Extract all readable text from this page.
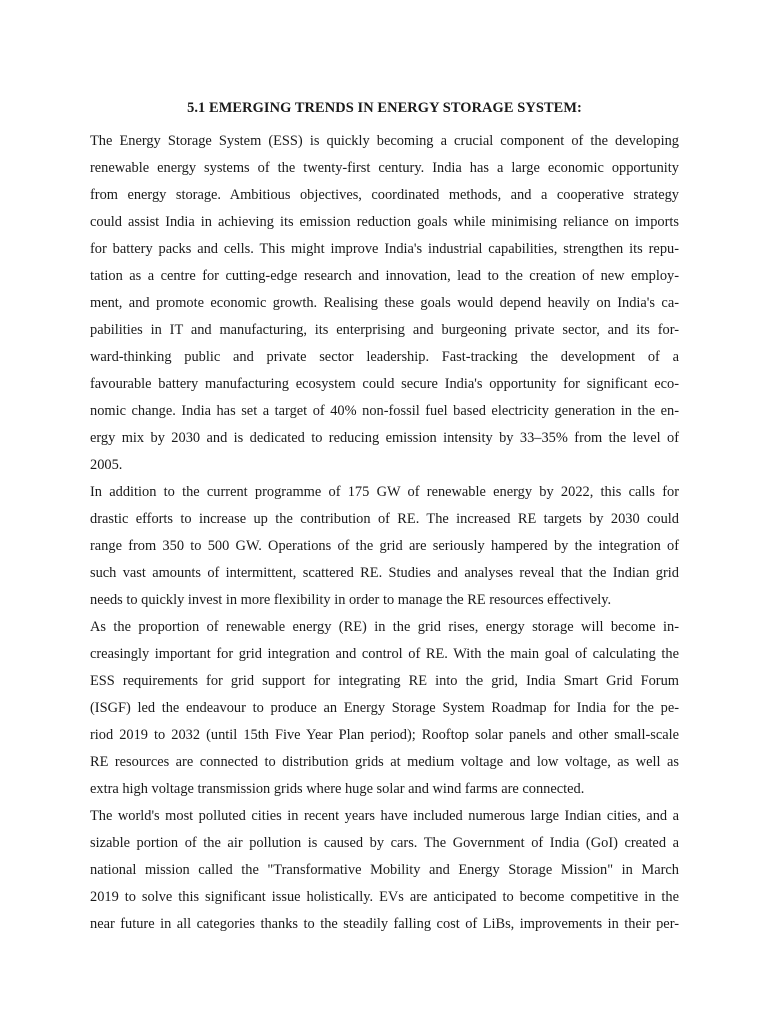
5.1 EMERGING TRENDS IN ENERGY STORAGE SYSTEM:

The Energy Storage System (ESS) is quickly becoming a crucial component of the developing
renewable energy systems of the twenty-first century. India has a large economic opportunity
from energy storage. Ambitious objectives, coordinated methods, and a cooperative strategy
could assist India in achieving its emission reduction goals while minimising reliance on imports
for battery packs and cells. This might improve India's industrial capabilities, strengthen its repu-
tation as a centre for cutting-edge research and innovation, lead to the creation of new employ-
ment, and promote economic growth. Realising these goals would depend heavily on India's ca-
pabilities in IT and manufacturing, its enterprising and burgeoning private sector, and its for-
ward-thinking public and private sector leadership. Fast-tracking the development of a
favourable battery manufacturing ecosystem could secure India's opportunity for significant eco-
nomic change. India has set a target of 40% non-fossil fuel based electricity generation in the en-
ergy mix by 2030 and is dedicated to reducing emission intensity by 33–35% from the level of
2005.

In addition to the current programme of 175 GW of renewable energy by 2022, this calls for
drastic efforts to increase up the contribution of RE. The increased RE targets by 2030 could
range from 350 to 500 GW. Operations of the grid are seriously hampered by the integration of
such vast amounts of intermittent, scattered RE. Studies and analyses reveal that the Indian grid
needs to quickly invest in more flexibility in order to manage the RE resources effectively.

As the proportion of renewable energy (RE) in the grid rises, energy storage will become in-
creasingly important for grid integration and control of RE. With the main goal of calculating the
ESS requirements for grid support for integrating RE into the grid, India Smart Grid Forum
(ISGF) led the endeavour to produce an Energy Storage System Roadmap for India for the pe-
riod 2019 to 2032 (until 15th Five Year Plan period); Rooftop solar panels and other small-scale
RE resources are connected to distribution grids at medium voltage and low voltage, as well as
extra high voltage transmission grids where huge solar and wind farms are connected.

The world's most polluted cities in recent years have included numerous large Indian cities, and a
sizable portion of the air pollution is caused by cars. The Government of India (GoI) created a
national mission called the "Transformative Mobility and Energy Storage Mission" in March
2019 to solve this significant issue holistically. EVs are anticipated to become competitive in the
near future in all categories thanks to the steadily falling cost of LiBs, improvements in their per-
